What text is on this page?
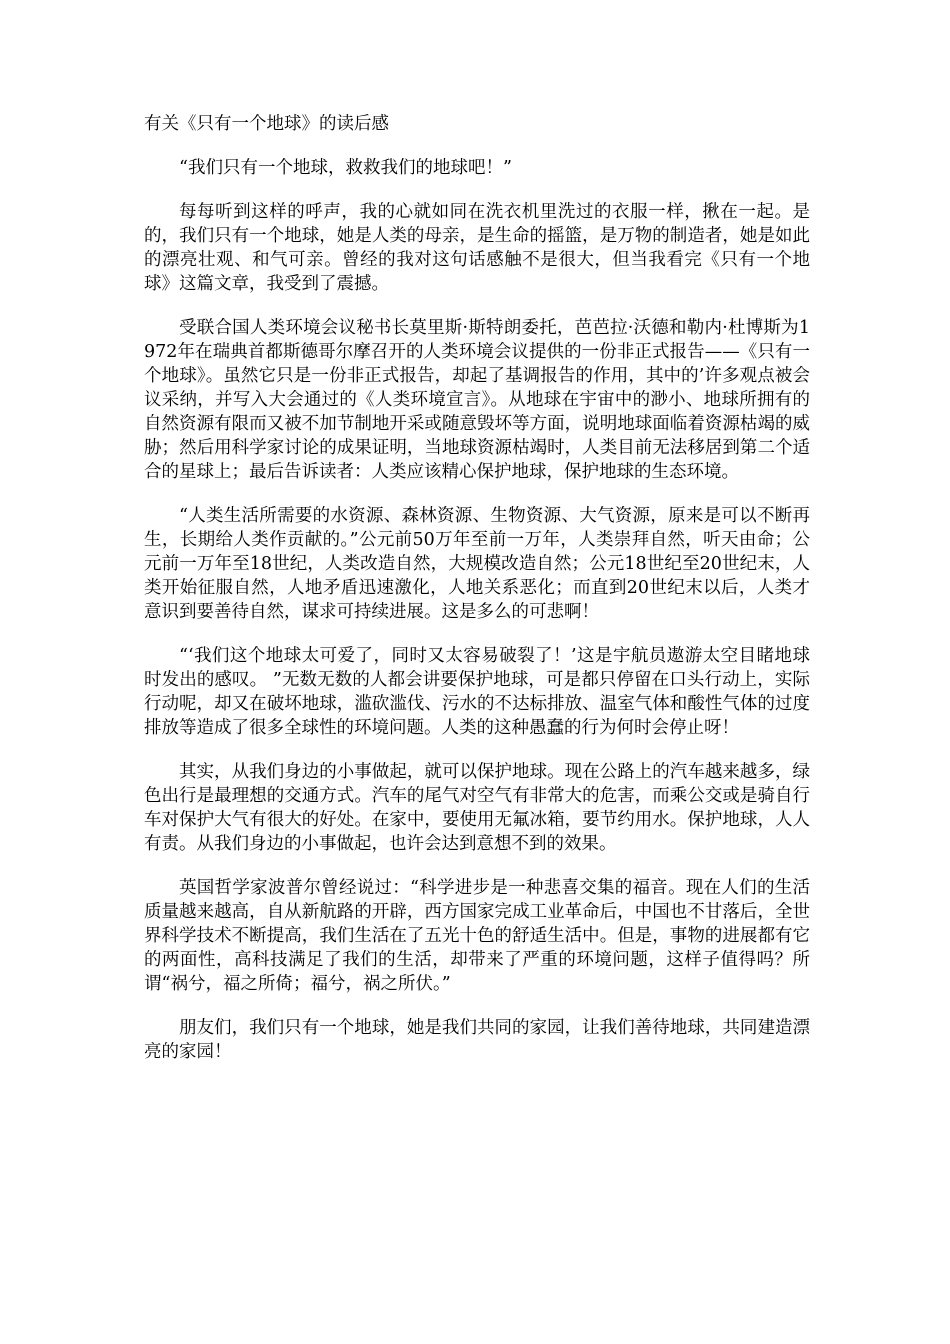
有关《只有一个地球》的读后感

“我们只有一个地球，救救我们的地球吧！”

每每听到这样的呼声，我的心就如同在洗衣机里洗过的衣服一样，揪在一起。是的，我们只有一个地球，她是人类的母亲，是生命的摇篮，是万物的制造者，她是如此的漂亮壮观、和气可亲。曾经的我对这句话感触不是很大，但当我看完《只有一个地球》这篇文章，我受到了震撼。

受联合国人类环境会议秘书长莫里斯·斯特朗委托，芭芭拉·沃德和勒内·杜博斯为1972年在瑞典首都斯德哥尔摩召开的人类环境会议提供的一份非正式报告——《只有一个地球》。虽然它只是一份非正式报告，却起了基调报告的作用，其中的’许多观点被会议采纳，并写入大会通过的《人类环境宣言》。从地球在宇宙中的渺小、地球所拥有的自然资源有限而又被不加节制地开采或随意毁坏等方面，说明地球面临着资源枯竭的威胁；然后用科学家讨论的成果证明，当地球资源枯竭时，人类目前无法移居到第二个适合的星球上；最后告诉读者：人类应该精心保护地球，保护地球的生态环境。

“人类生活所需要的水资源、森林资源、生物资源、大气资源，原来是可以不断再生，长期给人类作贡献的。”公元前50万年至前一万年，人类崇拜自然，听天由命；公元前一万年至18世纪，人类改造自然，大规模改造自然；公元18世纪至20世纪末，人类开始征服自然，人地矛盾迅速激化，人地关系恶化；而直到20世纪末以后，人类才意识到要善待自然，谋求可持续进展。这是多么的可悲啊！

“‘我们这个地球太可爱了，同时又太容易破裂了！’这是宇航员遨游太空目睹地球时发出的感叹。 ”无数无数的人都会讲要保护地球，可是都只停留在口头行动上，实际行动呢，却又在破坏地球，滥砍滥伐、污水的不达标排放、温室气体和酸性气体的过度排放等造成了很多全球性的环境问题。人类的这种愚蠢的行为何时会停止呀！

其实，从我们身边的小事做起，就可以保护地球。现在公路上的汽车越来越多，绿色出行是最理想的交通方式。汽车的尾气对空气有非常大的危害，而乘公交或是骑自行车对保护大气有很大的好处。在家中，要使用无氟冰箱，要节约用水。保护地球，人人有责。从我们身边的小事做起，也许会达到意想不到的效果。

英国哲学家波普尔曾经说过：“科学进步是一种悲喜交集的福音。现在人们的生活质量越来越高，自从新航路的开辟，西方国家完成工业革命后，中国也不甘落后，全世界科学技术不断提高，我们生活在了五光十色的舒适生活中。但是，事物的进展都有它的两面性，高科技满足了我们的生活，却带来了严重的环境问题，这样子值得吗？所谓“祸兮，福之所倚；福兮，祸之所伏。”

朋友们，我们只有一个地球，她是我们共同的家园，让我们善待地球，共同建造漂亮的家园！
